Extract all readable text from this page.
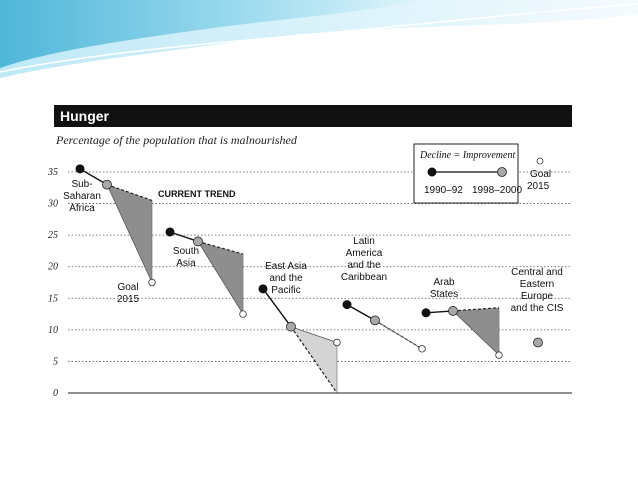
Hunger
Percentage of the population that is malnourished
35
30
25
20
15
10
5
0
Sub-Saharan Africa
Goal 2015
South Asia	East Asia and the Pacific
Latin America and the Caribbean	Arab States
Central and Eastern Europe and the CIS
CURRENT TREND
Decline = Improvement
1990–92 1998–2000
Goal
2015
